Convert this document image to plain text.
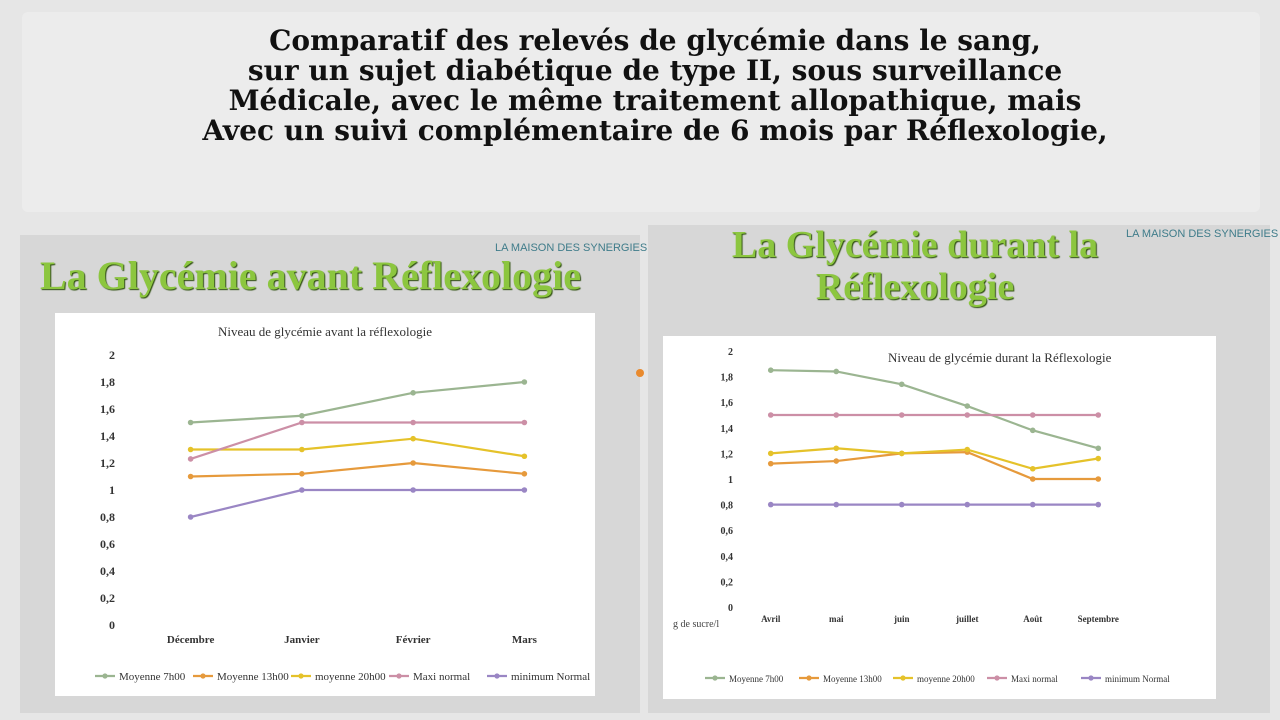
Comparatif des relevés de glycémie dans le sang,
sur un sujet diabétique de type II, sous surveillance
Médicale, avec le même traitement allopathique, mais
Avec un suivi complémentaire de 6 mois par Réflexologie,
LA MAISON DES SYNERGIES
La Glycémie avant Réflexologie
Niveau de glycémie avant la réflexologie
0
0,2
0,4
0,6
0,8
1
1,2
1,4
1,6
1,8
2
Décembre	Janvier	Février	Mars
Moyenne 7h00	Moyenne 13h00 moyenne 20h00 Maxi normal	minimum Normal
LA MAISON DES SYNERGIES
La Glycémie durant la
Réflexologie
Niveau de glycémie durant la Réflexologie
0
0,2
0,4
0,6
0,8
1
1,2
1,4
1,6
1,8
2
g de sucre/l	Avril	mai	juin	juillet	Août	Septembre
Moyenne 7h00	Moyenne 13h00	moyenne 20h00	Maxi normal	minimum Normal
